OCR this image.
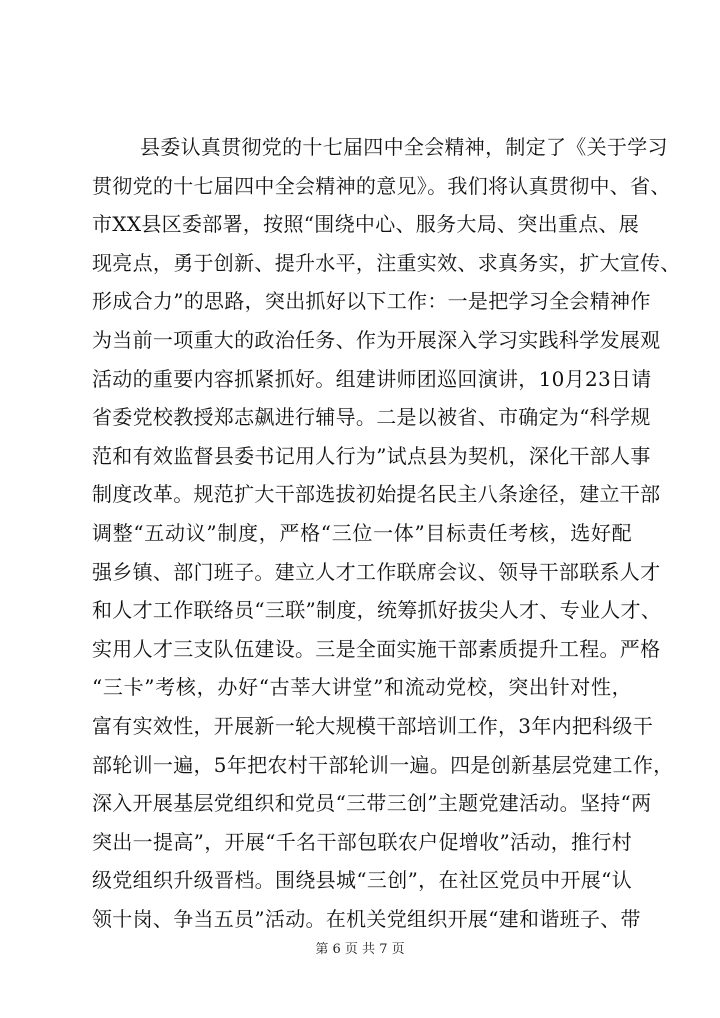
县委认真贯彻党的十七届四中全会精神，制定了《关于学习
贯彻党的十七届四中全会精神的意见》。我们将认真贯彻中、省、
市XX县区委部署，按照“围绕中心、服务大局、突出重点、展
现亮点，勇于创新、提升水平，注重实效、求真务实，扩大宣传、
形成合力”的思路，突出抓好以下工作：一是把学习全会精神作
为当前一项重大的政治任务、作为开展深入学习实践科学发展观
活动的重要内容抓紧抓好。组建讲师团巡回演讲，10月23日请
省委党校教授郑志飙进行辅导。二是以被省、市确定为“科学规
范和有效监督县委书记用人行为”试点县为契机，深化干部人事
制度改革。规范扩大干部选拔初始提名民主八条途径，建立干部
调整“五动议”制度，严格“三位一体”目标责任考核，选好配
强乡镇、部门班子。建立人才工作联席会议、领导干部联系人才
和人才工作联络员“三联”制度，统筹抓好拔尖人才、专业人才、
实用人才三支队伍建设。三是全面实施干部素质提升工程。严格
“三卡”考核，办好“古莘大讲堂”和流动党校，突出针对性，
富有实效性，开展新一轮大规模干部培训工作，3年内把科级干
部轮训一遍，5年把农村干部轮训一遍。四是创新基层党建工作，
深入开展基层党组织和党员“三带三创”主题党建活动。坚持“两
突出一提高”，开展“千名干部包联农户促增收”活动，推行村
级党组织升级晋档。围绕县城“三创”，在社区党员中开展“认
领十岗、争当五员”活动。在机关党组织开展“建和谐班子、带
第 6 页 共 7 页
